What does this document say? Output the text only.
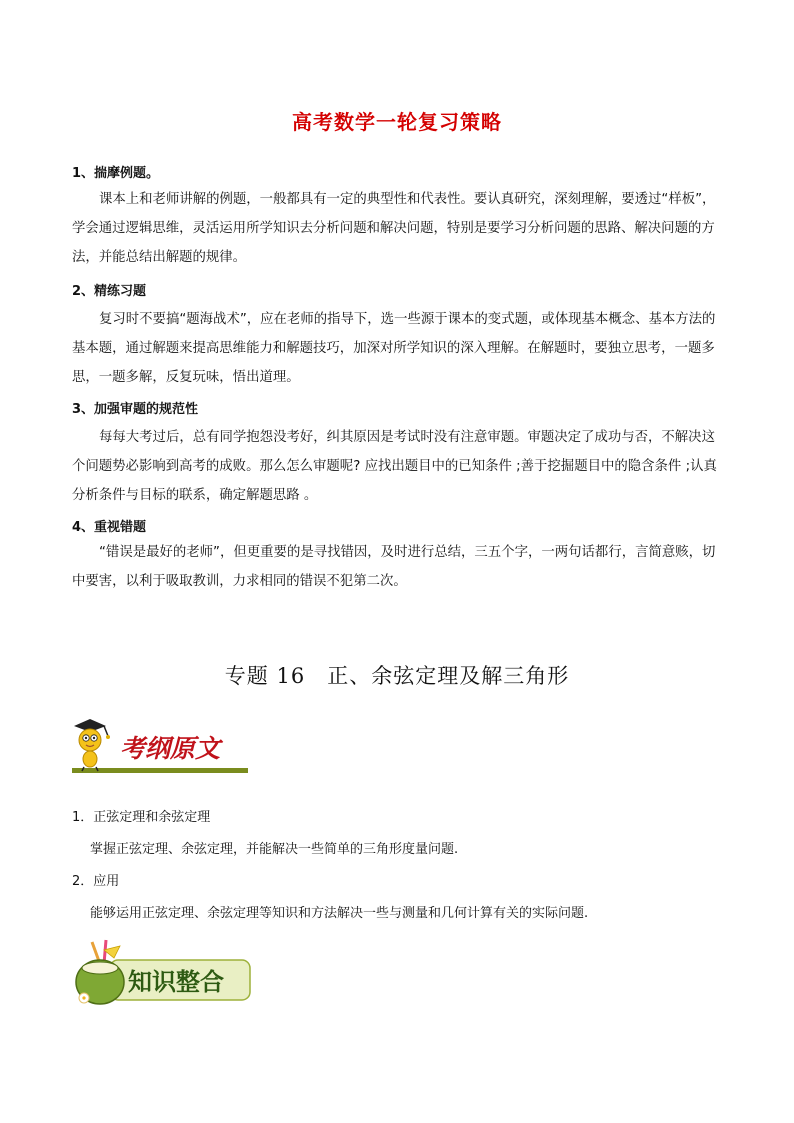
高考数学一轮复习策略
1、揣摩例题。
课本上和老师讲解的例题，一般都具有一定的典型性和代表性。要认真研究，深刻理解，要透过“样板”，学会通过逻辑思维，灵活运用所学知识去分析问题和解决问题，特别是要学习分析问题的思路、解决问题的方法，并能总结出解题的规律。
2、精练习题
复习时不要搞“题海战术”，应在老师的指导下，选一些源于课本的变式题，或体现基本概念、基本方法的基本题，通过解题来提高思维能力和解题技巧，加深对所学知识的深入理解。在解题时，要独立思考，一题多思，一题多解，反复玩味，悟出道理。
3、加强审题的规范性
每每大考过后，总有同学抱怨没考好，纠其原因是考试时没有注意审题。审题决定了成功与否，不解决这个问题势必影响到高考的成败。那么怎么审题呢? 应找出题目中的已知条件 ;善于挖掘题目中的隐含条件 ;认真分析条件与目标的联系，确定解题思路 。
4、重视错题
“错误是最好的老师”，但更重要的是寻找错因，及时进行总结，三五个字，一两句话都行，言简意赅，切中要害，以利于吸取教训，力求相同的错误不犯第二次。
专题 16 正、余弦定理及解三角形
考纲原文
1．正弦定理和余弦定理
掌握正弦定理、余弦定理，并能解决一些简单的三角形度量问题.
2．应用
能够运用正弦定理、余弦定理等知识和方法解决一些与测量和几何计算有关的实际问题.
知识整合
